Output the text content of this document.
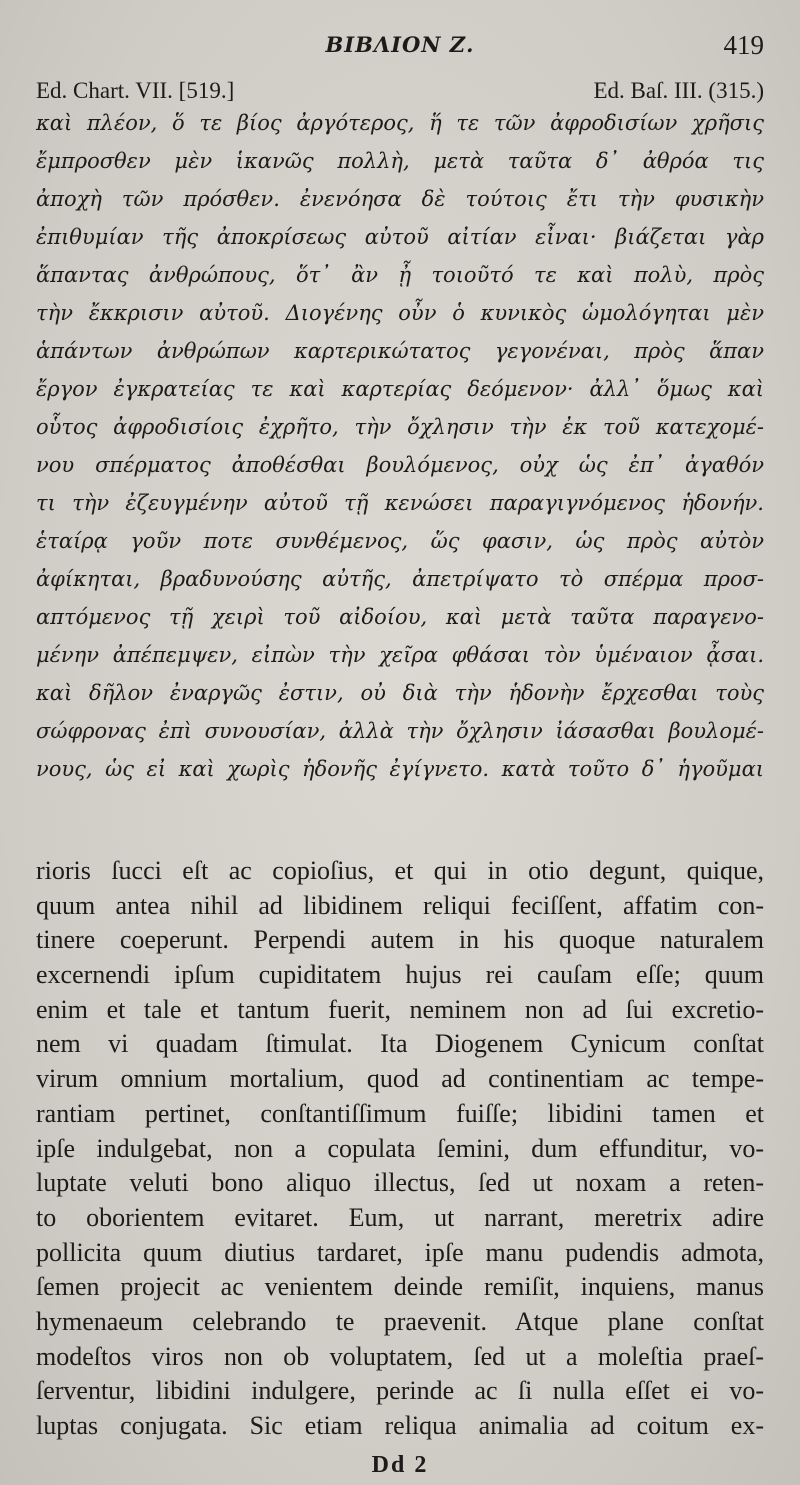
ΒΙΒΛΙΟΝ Ζ.	419
Ed. Chart. VII. [519.]	Ed. Baſ. III. (315.)
καὶ πλέον, ὅ τε βίος ἀργότερος, ἥ τε τῶν ἀφροδισίων χρῆσις
ἔμπροσθεν μὲν ἱκανῶς πολλὴ, μετὰ ταῦτα δ᾽ ἀθρόα τις
ἀποχὴ τῶν πρόσθεν. ἐνενόησα δὲ τούτοις ἔτι τὴν φυσικὴν
ἐπιθυμίαν τῆς ἀποκρίσεως αὐτοῦ αἰτίαν εἶναι· βιάζεται γὰρ
ἅπαντας ἀνθρώπους, ὅτ᾽ ἂν ᾖ τοιοῦτό τε καὶ πολὺ, πρὸς
τὴν ἔκκρισιν αὐτοῦ. Διογένης οὖν ὁ κυνικὸς ὡμολόγηται μὲν
ἁπάντων ἀνθρώπων καρτερικώτατος γεγονέναι, πρὸς ἅπαν
ἔργον ἐγκρατείας τε καὶ καρτερίας δεόμενον· ἀλλ᾽ ὅμως καὶ
οὗτος ἀφροδισίοις ἐχρῆτο, τὴν ὄχλησιν τὴν ἐκ τοῦ κατεχομέ-
νου σπέρματος ἀποθέσθαι βουλόμενος, οὐχ ὡς ἐπ᾽ ἀγαθόν
τι τὴν ἐζευγμένην αὐτοῦ τῇ κενώσει παραγιγνόμενος ἡδονήν.
ἑταίρᾳ γοῦν ποτε συνθέμενος, ὥς φασιν, ὡς πρὸς αὐτὸν
ἀφίκηται, βραδυνούσης αὐτῆς, ἀπετρίψατο τὸ σπέρμα προσ-
απτόμενος τῇ χειρὶ τοῦ αἰδοίου, καὶ μετὰ ταῦτα παραγενο-
μένην ἀπέπεμψεν, εἰπὼν τὴν χεῖρα φθάσαι τὸν ὑμέναιον ᾆσαι.
καὶ δῆλον ἐναργῶς ἐστιν, οὐ διὰ τὴν ἡδονὴν ἔρχεσθαι τοὺς
σώφρονας ἐπὶ συνουσίαν, ἀλλὰ τὴν ὄχλησιν ἰάσασθαι βουλομέ-
νους, ὡς εἰ καὶ χωρὶς ἡδονῆς ἐγίγνετο. κατὰ τοῦτο δ᾽ ἡγοῦμαι
rioris ſucci eſt ac copioſius, et qui in otio degunt, quique,
quum antea nihil ad libidinem reliqui feciſſent, affatim con-
tinere coeperunt. Perpendi autem in his quoque naturalem
excernendi ipſum cupiditatem hujus rei cauſam eſſe; quum
enim et tale et tantum fuerit, neminem non ad ſui excretio-
nem vi quadam ſtimulat. Ita Diogenem Cynicum conſtat
virum omnium mortalium, quod ad continentiam ac tempe-
rantiam pertinet, conſtantiſſimum fuiſſe; libidini tamen et
ipſe indulgebat, non a copulata ſemini, dum effunditur, vo-
luptate veluti bono aliquo illectus, ſed ut noxam a reten-
to oborientem evitaret. Eum, ut narrant, meretrix adire
pollicita quum diutius tardaret, ipſe manu pudendis admota,
ſemen projecit ac venientem deinde remiſit, inquiens, manus
hymenaeum celebrando te praevenit. Atque plane conſtat
modeſtos viros non ob voluptatem, ſed ut a moleſtia praeſ-
ſerventur, libidini indulgere, perinde ac ſi nulla eſſet ei vo-
luptas conjugata. Sic etiam reliqua animalia ad coitum ex-
Dd 2
